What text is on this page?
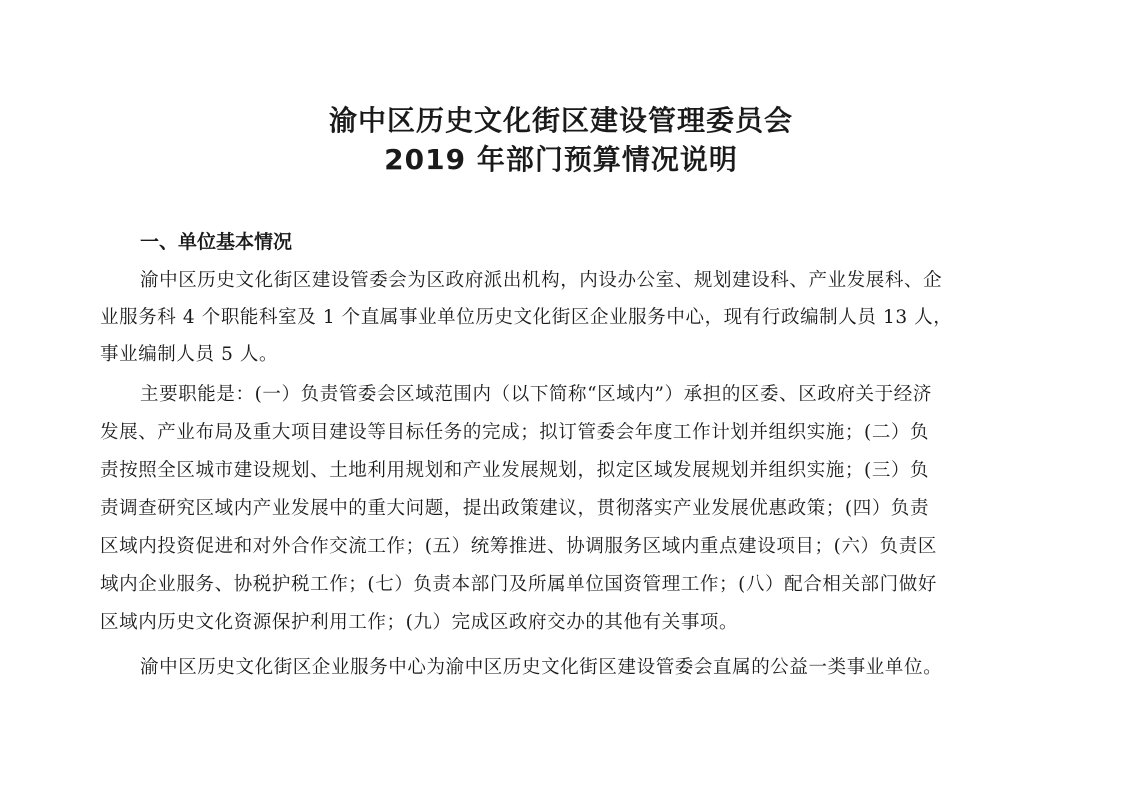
渝中区历史文化街区建设管理委员会
2019 年部门预算情况说明
一、单位基本情况
渝中区历史文化街区建设管委会为区政府派出机构，内设办公室、规划建设科、产业发展科、企
业服务科 4 个职能科室及 1 个直属事业单位历史文化街区企业服务中心，现有行政编制人员 13 人，
事业编制人员 5 人。
主要职能是：(一）负责管委会区域范围内（以下简称“区域内”）承担的区委、区政府关于经济
发展、产业布局及重大项目建设等目标任务的完成；拟订管委会年度工作计划并组织实施；(二）负
责按照全区城市建设规划、土地利用规划和产业发展规划，拟定区域发展规划并组织实施；(三）负
责调查研究区域内产业发展中的重大问题，提出政策建议，贯彻落实产业发展优惠政策；(四）负责
区域内投资促进和对外合作交流工作；(五）统筹推进、协调服务区域内重点建设项目；(六）负责区
域内企业服务、协税护税工作；(七）负责本部门及所属单位国资管理工作；(八）配合相关部门做好
区域内历史文化资源保护利用工作；(九）完成区政府交办的其他有关事项。
渝中区历史文化街区企业服务中心为渝中区历史文化街区建设管委会直属的公益一类事业单位。
